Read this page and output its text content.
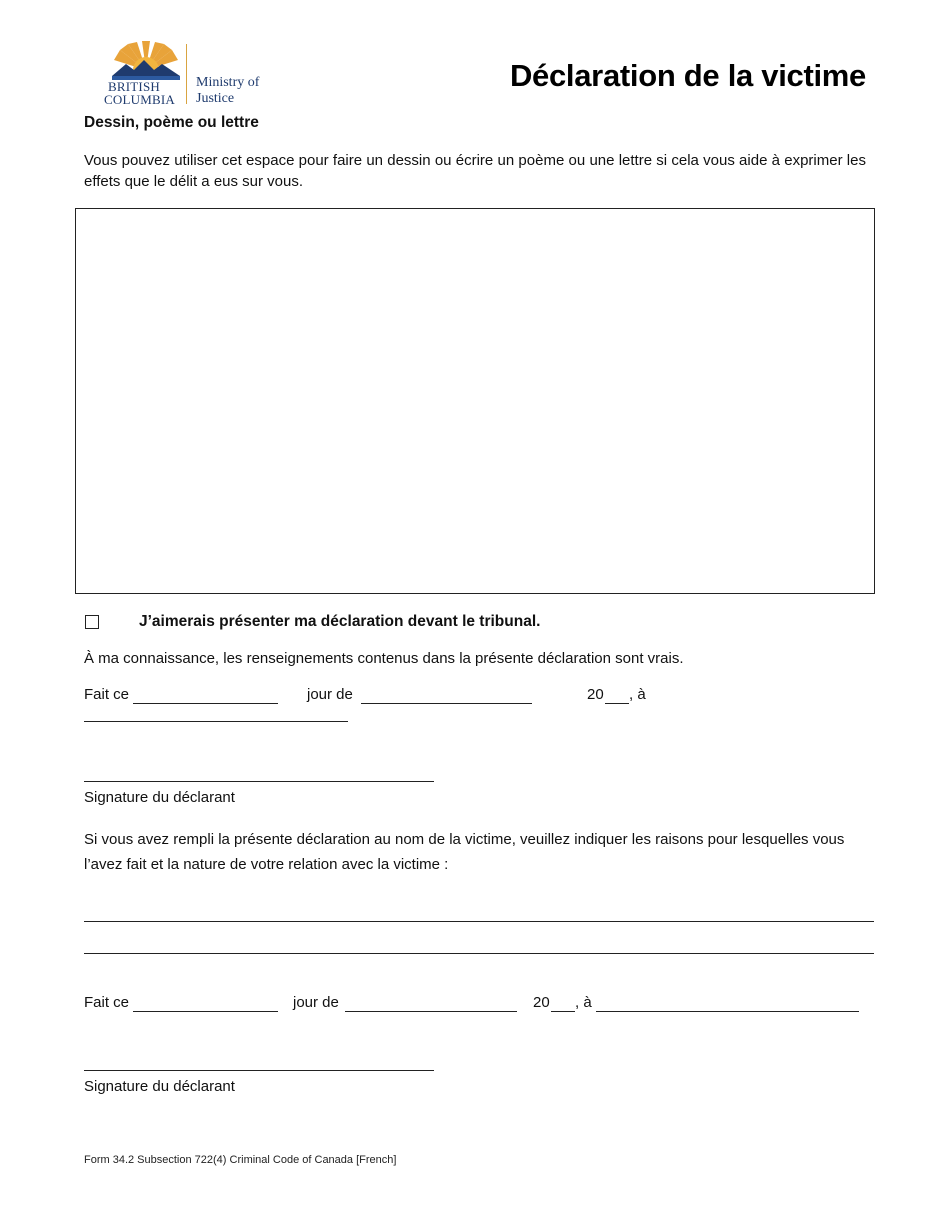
BRITISH
COLUMBIA
Ministry of
Justice
Déclaration de la victime
Dessin, poème ou lettre
Vous pouvez utiliser cet espace pour faire un dessin ou écrire un poème ou une lettre si cela vous aide à exprimer les effets que le délit a eus sur vous.
J’aimerais présenter ma déclaration devant le tribunal.
À ma connaissance, les renseignements contenus dans la présente déclaration sont vrais.
Fait ce	jour de	20 , à
Signature du déclarant
Si vous avez rempli la présente déclaration au nom de la victime, veuillez indiquer les raisons pour lesquelles vous l’avez fait et la nature de votre relation avec la victime :
Fait ce	jour de	20 , à
Signature du déclarant
Form 34.2 Subsection 722(4) Criminal Code of Canada [French]
